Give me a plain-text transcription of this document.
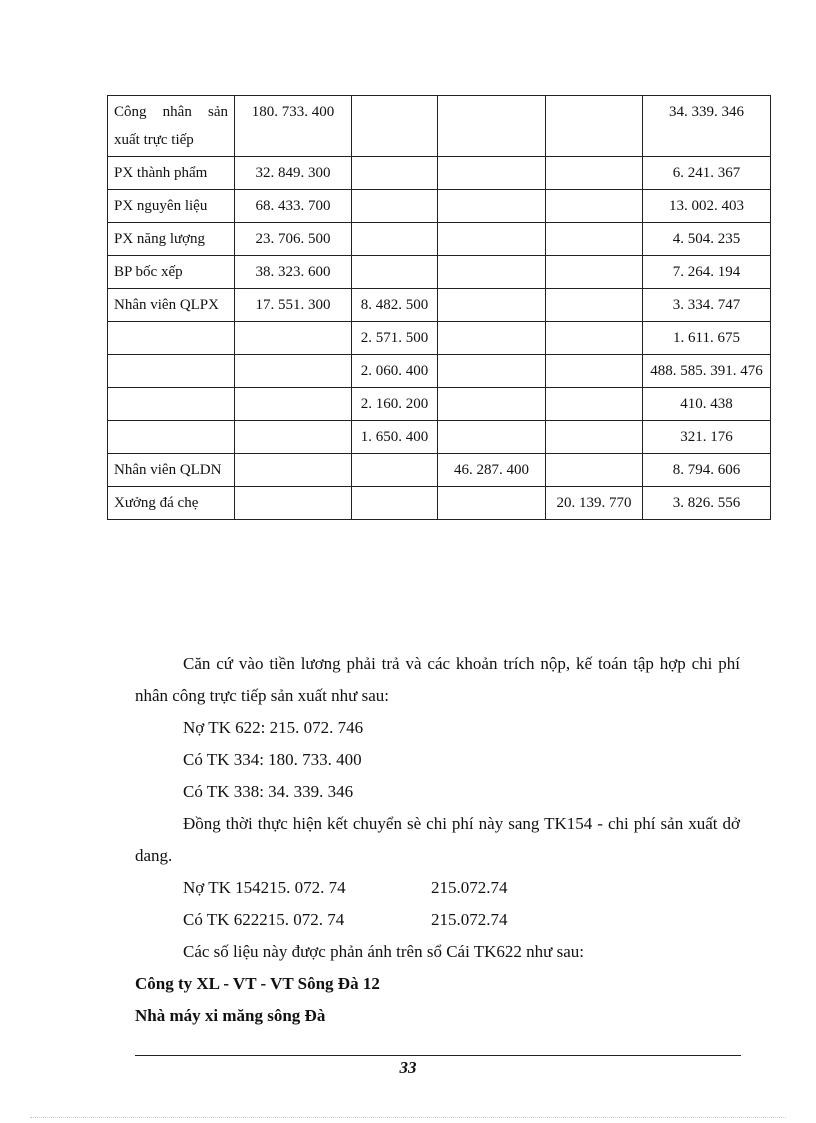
Công nhân sản xuất trực tiếp	180. 733. 400				34. 339. 346
PX thành phẩm	32. 849. 300				6. 241. 367
PX nguyên liệu	68. 433. 700				13. 002. 403
PX năng lượng	23. 706. 500				4. 504. 235
BP bốc xếp	38. 323. 600				7. 264. 194
Nhân viên QLPX	17. 551. 300	8. 482. 500			3. 334. 747
		2. 571. 500			1. 611. 675
		2. 060. 400			488. 585. 391. 476
		2. 160. 200			410. 438
		1. 650. 400			321. 176
Nhân viên QLDN			46. 287. 400		8. 794. 606
Xưởng đá chẹ				20. 139. 770	3. 826. 556

Căn cứ vào tiền lương phải trả và các khoản trích nộp, kế toán tập hợp chi phí nhân công trực tiếp sản xuất như sau:

Nợ TK 622: 215. 072. 746

Có TK 334: 180. 733. 400

Có TK 338: 34. 339. 346

Đồng thời thực hiện kết chuyển sè chi phí này sang TK154 - chi phí sản xuất dở dang.

Nợ TK 154215. 072. 74	215.072.74

Có TK 622215. 072. 74	215.072.74

Các số liệu này được phản ánh trên sổ Cái TK622 như sau:

Công ty XL - VT - VT Sông Đà 12

Nhà máy xi măng sông Đà

33
